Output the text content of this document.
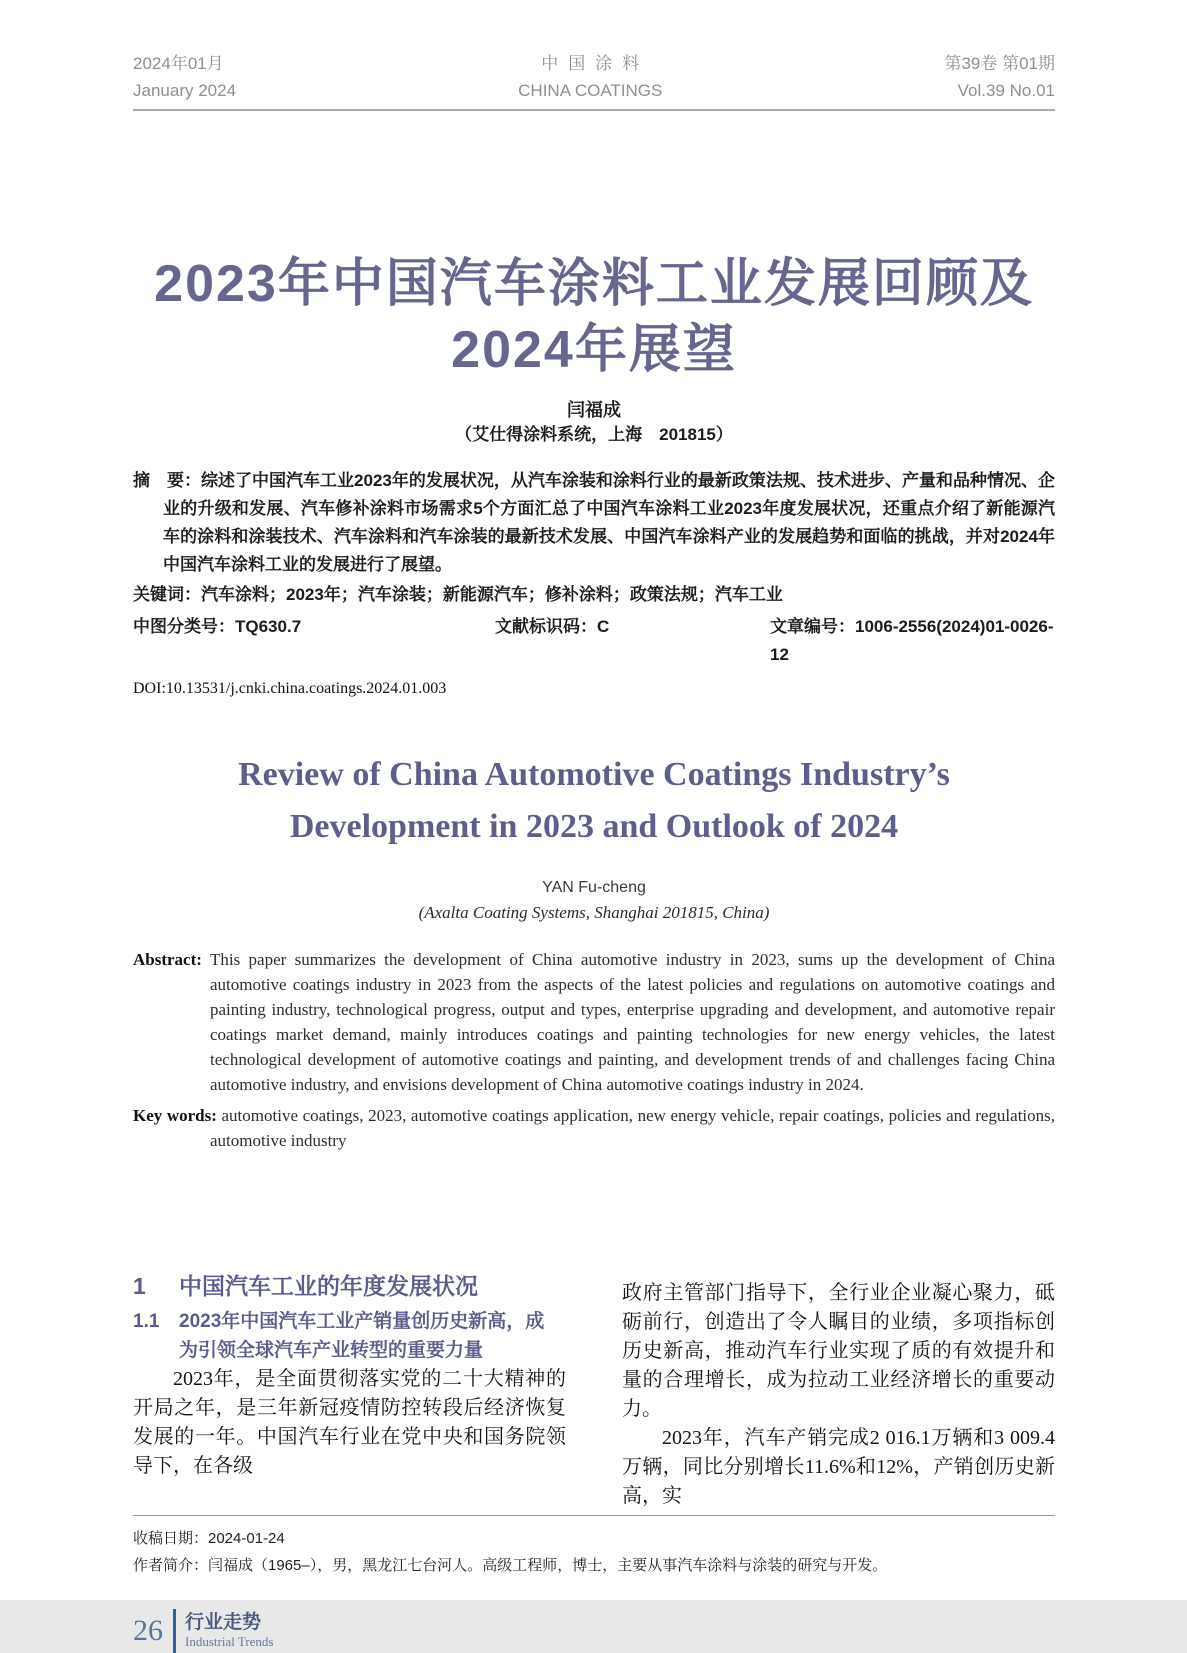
2024年01月
January 2024
中国涂料
CHINA COATINGS
第39卷 第01期
Vol.39 No.01
2023年中国汽车涂料工业发展回顾及
2024年展望
闫福成
（艾仕得涂料系统，上海　201815）
摘　要：综述了中国汽车工业2023年的发展状况，从汽车涂装和涂料行业的最新政策法规、技术进步、产量和品种情况、企业的升级和发展、汽车修补涂料市场需求5个方面汇总了中国汽车涂料工业2023年度发展状况，还重点介绍了新能源汽车的涂料和涂装技术、汽车涂料和汽车涂装的最新技术发展、中国汽车涂料产业的发展趋势和面临的挑战，并对2024年中国汽车涂料工业的发展进行了展望。
关键词：汽车涂料；2023年；汽车涂装；新能源汽车；修补涂料；政策法规；汽车工业
中图分类号：TQ630.7	文献标识码：C	文章编号：1006-2556(2024)01-0026-12
DOI:10.13531/j.cnki.china.coatings.2024.01.003
Review of China Automotive Coatings Industry’s
Development in 2023 and Outlook of 2024
YAN Fu-cheng
(Axalta Coating Systems, Shanghai 201815, China)
Abstract: This paper summarizes the development of China automotive industry in 2023, sums up the development of China automotive coatings industry in 2023 from the aspects of the latest policies and regulations on automotive coatings and painting industry, technological progress, output and types, enterprise upgrading and development, and automotive repair coatings market demand, mainly introduces coatings and painting technologies for new energy vehicles, the latest technological development of automotive coatings and painting, and development trends of and challenges facing China automotive industry, and envisions development of China automotive coatings industry in 2024.
Key words: automotive coatings, 2023, automotive coatings application, new energy vehicle, repair coatings, policies and regulations, automotive industry
1	中国汽车工业的年度发展状况
1.1	2023年中国汽车工业产销量创历史新高，成为引领全球汽车产业转型的重要力量
2023年，是全面贯彻落实党的二十大精神的开局之年，是三年新冠疫情防控转段后经济恢复发展的一年。中国汽车行业在党中央和国务院领导下，在各级
政府主管部门指导下，全行业企业凝心聚力，砥砺前行，创造出了令人瞩目的业绩，多项指标创历史新高，推动汽车行业实现了质的有效提升和量的合理增长，成为拉动工业经济增长的重要动力。
2023年，汽车产销完成2 016.1万辆和3 009.4万辆，同比分别增长11.6%和12%，产销创历史新高，实
收稿日期：2024-01-24
作者简介：闫福成（1965–），男，黑龙江七台河人。高级工程师，博士，主要从事汽车涂料与涂装的研究与开发。
26	行业走势
Industrial Trends
